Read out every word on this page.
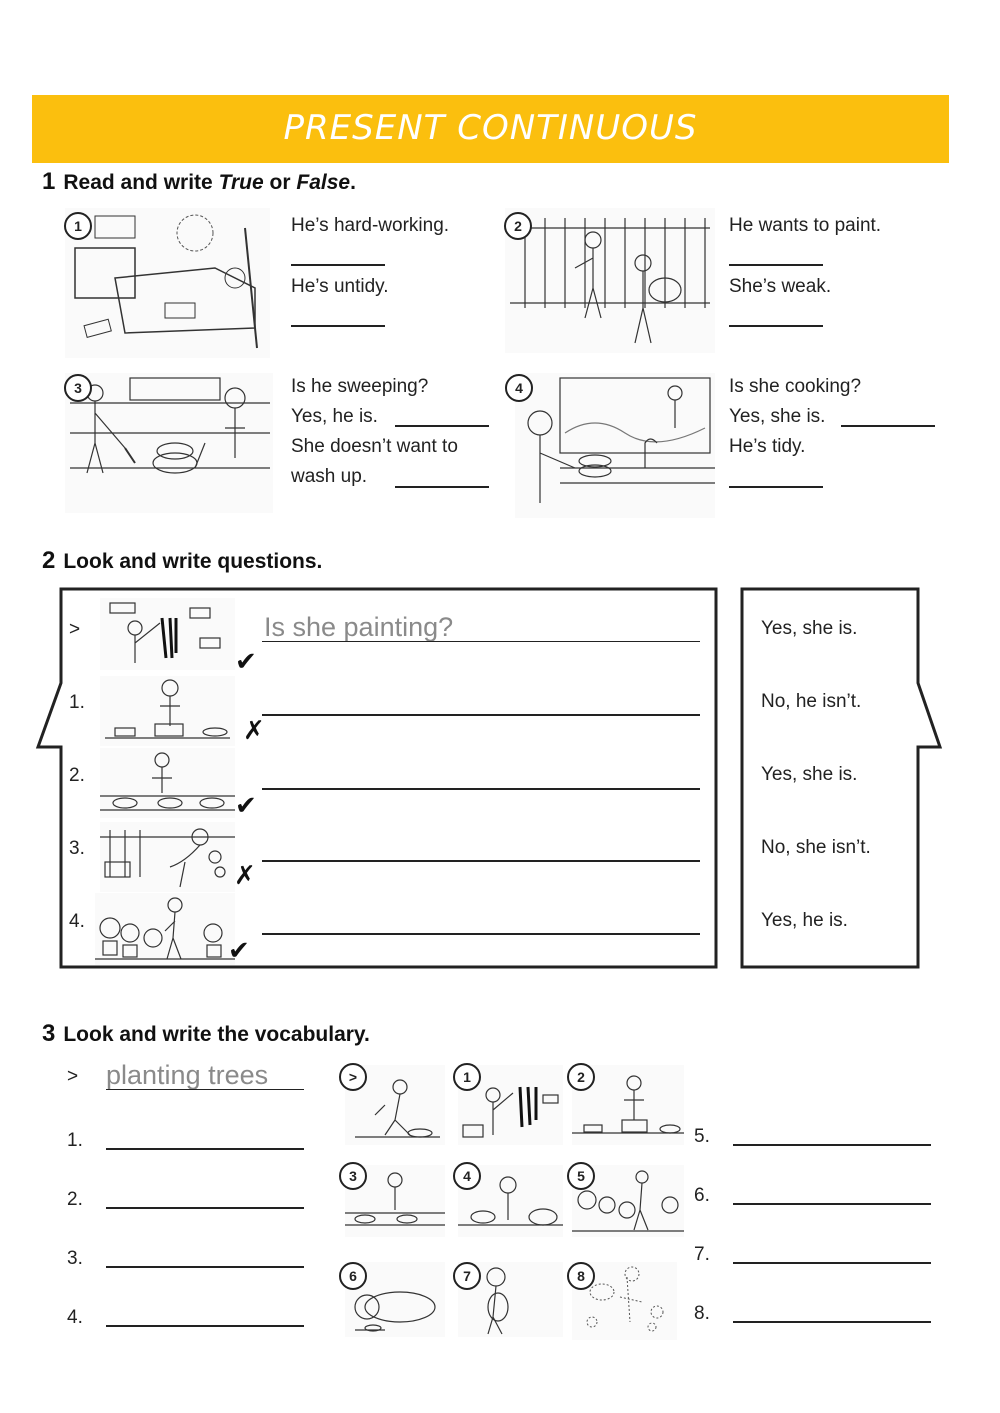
PRESENT CONTINUOUS
1 Read and write True or False.
1	2
3	4
He’s hard-working.
He’s untidy.
He wants to paint.
She’s weak.
Is he sweeping?
Yes, he is.
She doesn’t want to
wash up.
Is she cooking?
Yes, she is.
He’s tidy.
2 Look and write questions.
>
✔
Is she painting?	Yes, she is.
1.
✗
No, he isn’t.
2.
✔
Yes, she is.
3.
✗
No, she isn’t.
4.
✔
Yes, he is.
3 Look and write the vocabulary.
> planting trees
1.
2.
3.
4.
>	1	2
3	4	5
6	7	8
5.
6.
7.
8.
